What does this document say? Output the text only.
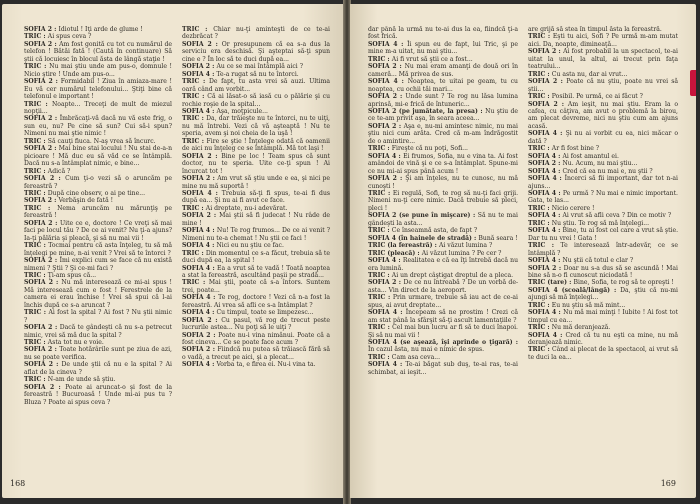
SOFIA 2 : Idiotul ! Îţi arde de glume !

TRIC : Ai spus ceva ?

SOFIA 2 : Am fost gonită cu tot cu numărul de telefon ! Bătăi fată ! (Caută în continuare) Să ştii că locuiesc în blocul ăsta de lângă staţie !

TRIC : Nu mai ştiu unde am pus-o, domnule ! Nicio ştire ! Unde am pus-o...

SOFIA 2 : Formidabil ! Ziua în amiaza-mare ! Eu vă cer numărul telefonului... Ştiţi bine că telefonul e important !

TRIC : Noapte... Treceţi de mult de miezul nopţii...

SOFIA 2 : Îmbrăcaţi-vă dacă nu vă este frig, o sun eu, nu? Pe cine să sun? Cui să-i spun? Nimeni nu mai ştie nimic !

TRIC : Să cauţi fiuca. N-aş vrea să încurc.

SOFIA 2 : Mai bine stai locului ! Nu stai de-a-n picioare ! Mă duc eu să văd ce se întâmplă. Dacă nu s-a întâmplat nimic, e bine...

TRIC : Adică ?

SOFIA 2 : Cum ţi-o vezi să o aruncăm pe fereastră ?

TRIC : După cine observ, o ai pe tine...

SOFIA 2 : Verbăşin de fată !

TRIC : Nema aruncăm nu mărunţiş pe fereastră !

SOFIA 2 : Uite ce e, doctore ! Ce vreţi să mai faci pe locul tău ? De ce ai venit? Nu ţi-a ajuns? Ia-ţi pălăria şi pleacă, şi să nu mai vii !

TRIC : Tocmai pentru că asta înţeleg, tu să mă înţelegi pe mine, n-ai venit ? Vrei să te întorci ?

SOFIA 2 : Îmi explici cum se face că nu există nimeni ? Ştii ? Şi ce-mi faci ?

TRIC : Ţi-am spus că...

SOFIA 2 : Nu mă interesează ce mi-ai spus ! Mă interesează cum e fost ! Ferestrele de la camera ei erau închise ! Vrei să spui că l-ai închis după ce s-a aruncat ?

TRIC : Ai fost la spital ? Ai fost ? Nu ştii nimic ?

SOFIA 2 : Dacă te gândeşti că nu s-a petrecut nimic, vrei să mă duc la spital ?

TRIC : Asta tot nu e voie.

SOFIA 2 : Toate hotărârile sunt pe ziua de azi, nu se poate verifica.

SOFIA 2 : De unde ştii că nu e la spital ? Ai aflat de la cineva ?

TRIC : N-am de unde să ştiu.

SOFIA 2 : Poate ai aruncat-o şi fost de la fereastră ! Bucuroasă ! Unde mi-ai pus tu ? Bluza ? Poate ai spus ceva ?

TRIC : Chiar nu-ţi aminteşti de ce te-ai dezbrăcat ?

SOFIA 2 : Or presupunem că ea s-a dus la serviciu era deschisă. Şi aşteptai să-ţi spun cine e ? În loc să te duci după ea...

SOFIA 2 : Au ce se mai întâmplă aici ?

SOFIA 4 : Te-a rugat să nu te întorci.

TRIC : De fapt, tu asta vrei să auzi. Ultima oară când am vorbit...

TRIC : Că ai lăsat-o să iasă cu o pălărie şi cu rochie roşie de la spital...

SOFIA 4 : Aşa, moţpicule...

TRIC : Da, dar trăieşte nu te întorci, nu te uiţi, nu mă întrebi. Vezi că vă aşteaptă ! Nu te speria, avem şi noi cheia de la uşă !

TRIC : Fire se ştie ! Înţelege odată că oamenii de aici nu înţeleg ce se întâmplă. Mă tot laşi !

SOFIA 2 : Bine pe loc ! Team spus că sunt doctor, nu te speria. Uite ce-ţi spun ! Ai încurcat tot !

SOFIA 2 : Am vrut să ştiu unde e ea, şi nici pe mine nu mă suportă !

SOFIA 4 : Trebuia să-ţi fi spus, te-ai fi dus după ea... Şi nu ai fi avut ce face.

TRIC : Ai dreptate, nu-i adevărat.

SOFIA 2 : Mai ştii să fi judecat ! Nu râde de mine !

SOFIA 4 : Nu! Te rog frumos... De ce ai venit ? Nimeni nu te-a chemat ! Nu ştii ce faci !

SOFIA 4 : Nici eu nu ştiu ce fac.

TRIC : Din momentul ce s-a făcut, trebuia să te duci după ea, la spital !

SOFIA 4 : Ea a vrut să te vadă ! Toată noaptea a stat la fereastră, ascultând paşii pe stradă...

TRIC : Mai ştii, poate că s-a întors. Suntem trei, poate...

SOFIA 4 : Te rog, doctore ! Vezi că n-a fost la fereastră. Ai vrea să afli ce s-a întâmplat ?

SOFIA 4 : Cu timpul, toate se limpezesc...

SOFIA 2 : Cu pasul, vă rog de trecut peste lucrurile astea... Nu poţi să le uiţi ?

SOFIA 2 : Poate nu-i vina nimănui. Poate că a fost cineva... Ce se poate face acum ?

SOFIA 2 : Fiindcă nu putea să trăiască fără să o vadă, a trecut pe aici, şi a plecat...

SOFIA 4 : Vorba ta, e firea ei. Nu-i vina ta.

168

dar până la urmă nu te-ai dus la ea, fiindcă ţi-a fost frică.

SOFIA 4 : Îi spun eu de fapt, lui Tric, şi pe mine m-a uitat, nu mai ştiu...

TRIC : Ai fi vrut să ştii ce a fost...

SOFIA 2 : Nu mai eram amanţi de două ori în cameră... Mă privea de sus.

SOFIA 4 : Noaptea, te uitai pe geam, tu cu noaptea, cu ochii tăi mari...

SOFIA 2 : Unde sunt ? Te rog nu lăsa lumina aprinsă, mi-e frică de întuneric...

SOFIA 2 (pe jumătate, la presa) : Nu ştiu de ce te-am privit aşa, în seara aceea...

SOFIA 2 : Aşa e, nu-mi amintesc nimic, nu mai ştiu nici cum arăta. Cred că m-am îndrăgostit de o amintire...

TRIC : Fireşte că nu poţi, Sofi...

SOFIA 4 : Ei frumos, Sofia, nu e vina ta. Ai fost amândoi de vină şi e ce s-a întâmplat. Spune-mi ce nu mi-ai spus până acum !

SOFIA 2 : Şi am înţeles, nu te cunosc, nu mă cunoşti !

TRIC : Ei regulă, Sofi, te rog să nu-ţi faci griji. Nimeni nu-ţi cere nimic. Dacă trebuie să pleci, pleci !

SOFIA 2 (se pune în mişcare) : Să nu te mai gândeşti la asta...

TRIC : Ce înseamnă asta, de fapt ?

SOFIA 4 (în hainele de stradă) : Bună seara !

TRIC (la fereastră) : Ai văzut lumina ?

TRIC (pleacă) : Ai văzut lumina ? Pe cer ?

SOFIA 4 : Realitatea e că ea îţi întrebă dacă nu era lumină.

TRIC : Ai un drept câştigat dreptul de a pleca.

SOFIA 2 : De ce nu întreabă ? De un vorbă de-asta... Vin direct de la aeroport.

TRIC : Prin urmare, trebuie să iau act de ce-ai spus, ai avut dreptate...

SOFIA 4 : Începeam să ne prostim ! Crezi că am stat până la sfârşit să-ţi ascult lamentaţiile ?

TRIC : Cel mai bun lucru ar fi să te duci înapoi. Şi să nu mai vii !

SOFIA 4 (se aşează, îşi aprinde o ţigară) : În cazul ăsta, nu mai e nimic de spus.

TRIC : Cam asa ceva...

SOFIA 4 : Te-ai băgat sub duş, te-ai ras, te-ai schimbat, ai ieşit...

are grijă să stea în timpul ăsta la fereastră.

TRIC : Eşti tu aici, Sofi ? Pe urmă m-am mutat aici. Da, noapte, dimineaţă...

SOFIA 2 : Ai fost probabil la un spectacol, te-ai uitat la unul, la altul, ai trecut prin faţa teatrului...

TRIC : Cu asta nu, dar ai vrut...

SOFIA 2 : Poate că nu ştiu, poate nu vrei să ştii...

TRIC : Posibil. Pe urmă, ce ai făcut ?

SOFIA 2 : Am ieşit, nu mai ştiu. Eram la o cafea, cu câţiva, am avut o problemă la birou, am plecat devreme, nici nu ştiu cum am ajuns acasă.

SOFIA 4 : Şi nu ai vorbit cu ea, nici măcar o dată ?

TRIC : Ar fi fost bine ?

SOFIA 4 : Ai fost amantul ei.

SOFIA 2 : Nu. Acum, nu mai ştiu...

SOFIA 4 : Cred că ea nu mai e, nu ştii ?

SOFIA 4 : Încerci să fii important, dar tot n-ai ajuns...

SOFIA 4 : Pe urmă ? Nu mai e nimic important. Gata, te las...

TRIC : Nicio cerere !

SOFIA 4 : Ai vrut să afli ceva ? Din ce motiv ?

TRIC : Nu ştiu. Te rog să mă înţelegi...

SOFIA 4 : Bine, tu ai fost cel care a vrut să ştie. Dar tu nu vrei ! Gata !

TRIC : Te interesează într-adevăr, ce se întâmplă ?

SOFIA 4 : Nu ştii că totul e clar ?

SOFIA 2 : Doar nu s-a dus să se ascundă ! Mai bine să n-o fi cunoscut niciodată !

TRIC (tare) : Bine, Sofia, te rog să te opreşti !

SOFIA 4 (scoală/lângă) : Da, ştiu că nu-mi ajungi să mă înţelegi...

TRIC : Eu nu ştiu să mă mint...

SOFIA 4 : Nu mă mai minţi ! Iubite ! Ai fost tot timpul cu ea...

TRIC : Nu mă deranjează.

SOFIA 4 : Cred că tu nu eşti ca mine, nu mă deranjează nimic.

TRIC : Când ai plecat de la spectacol, ai vrut să te duci la ea...

169
